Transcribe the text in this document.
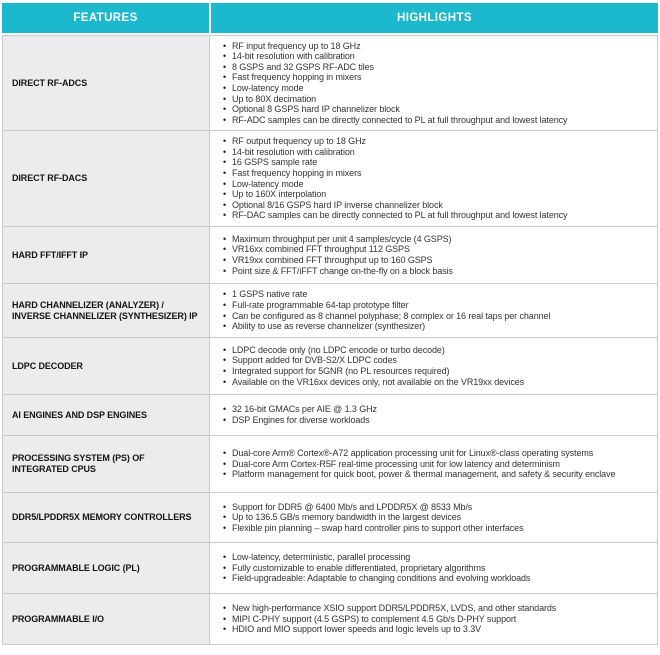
FEATURES	HIGHLIGHTS
DIRECT RF-ADCS
• RF input frequency up to 18 GHz
• 14-bit resolution with calibration
• 8 GSPS and 32 GSPS RF-ADC tiles
• Fast frequency hopping in mixers
• Low-latency mode
• Up to 80X decimation
• Optional 8 GSPS hard IP channelizer block
• RF-ADC samples can be directly connected to PL at full throughput and lowest latency
DIRECT RF-DACS
• RF output frequency up to 18 GHz
• 14-bit resolution with calibration
• 16 GSPS sample rate
• Fast frequency hopping in mixers
• Low-latency mode
• Up to 160X interpolation
• Optional 8/16 GSPS hard IP inverse channelizer block
• RF-DAC samples can be directly connected to PL at full throughput and lowest latency
HARD FFT/IFFT IP
• Maximum throughput per unit 4 samples/cycle (4 GSPS)
• VR16xx combined FFT throughput 112 GSPS
• VR19xx combined FFT throughput up to 160 GSPS
• Point size & FFT/iFFT change on-the-fly on a block basis
HARD CHANNELIZER (ANALYZER) / INVERSE CHANNELIZER (SYNTHESIZER) IP
• 1 GSPS native rate
• Full-rate programmable 64-tap prototype filter
• Can be configured as 8 channel polyphase; 8 complex or 16 real taps per channel
• Ability to use as reverse channelizer (synthesizer)
LDPC DECODER
• LDPC decode only (no LDPC encode or turbo decode)
• Support added for DVB-S2/X LDPC codes
• Integrated support for 5GNR (no PL resources required)
• Available on the VR16xx devices only, not available on the VR19xx devices
AI ENGINES AND DSP ENGINES
• 32 16-bit GMACs per AIE @ 1.3 GHz
• DSP Engines for diverse workloads
PROCESSING SYSTEM (PS) OF INTEGRATED CPUS
• Dual-core Arm® Cortex®-A72 application processing unit for Linux®-class operating systems
• Dual-core Arm Cortex-R5F real-time processing unit for low latency and determinism
• Platform management for quick boot, power & thermal management, and safety & security enclave
DDR5/LPDDR5X MEMORY CONTROLLERS
• Support for DDR5 @ 6400 Mb/s and LPDDR5X @ 8533 Mb/s
• Up to 136.5 GB/s memory bandwidth in the largest devices
• Flexible pin planning – swap hard controller pins to support other interfaces
PROGRAMMABLE LOGIC (PL)
• Low-latency, deterministic, parallel processing
• Fully customizable to enable differentiated, proprietary algorithms
• Field-upgradeable: Adaptable to changing conditions and evolving workloads
PROGRAMMABLE I/O
• New high-performance XSIO support DDR5/LPDDR5X, LVDS, and other standards
• MIPI C-PHY support (4.5 GSPS) to complement 4.5 Gb/s D-PHY support
• HDIO and MIO support lower speeds and logic levels up to 3.3V
